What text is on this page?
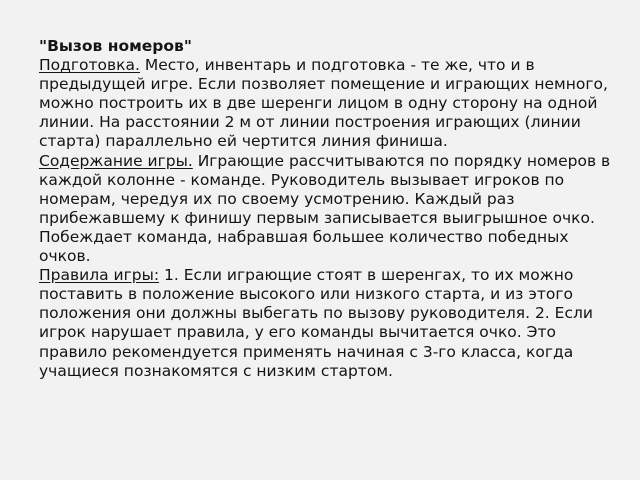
"Вызов номеров"

Подготовка. Место, инвентарь и подготовка - те же, что и в предыдущей игре. Если позволяет помещение и играющих немного, можно построить их в две шеренги лицом в одну сторону на одной линии. На расстоянии 2 м от линии построения играющих (линии старта) параллельно ей чертится линия финиша.

Содержание игры. Играющие рассчитываются по порядку номеров в каждой колонне - команде. Руководитель вызывает игроков по номерам, чередуя их по своему усмотрению. Каждый раз прибежавшему к финишу первым записывается выигрышное очко.

Побеждает команда, набравшая большее количество победных очков.

Правила игры: 1. Если играющие стоят в шеренгах, то их можно поставить в положение высокого или низкого старта, и из этого положения они должны выбегать по вызову руководителя. 2. Если игрок нарушает правила, у его команды вычитается очко. Это правило рекомендуется применять начиная с 3-го класса, когда учащиеся познакомятся с низким стартом.
